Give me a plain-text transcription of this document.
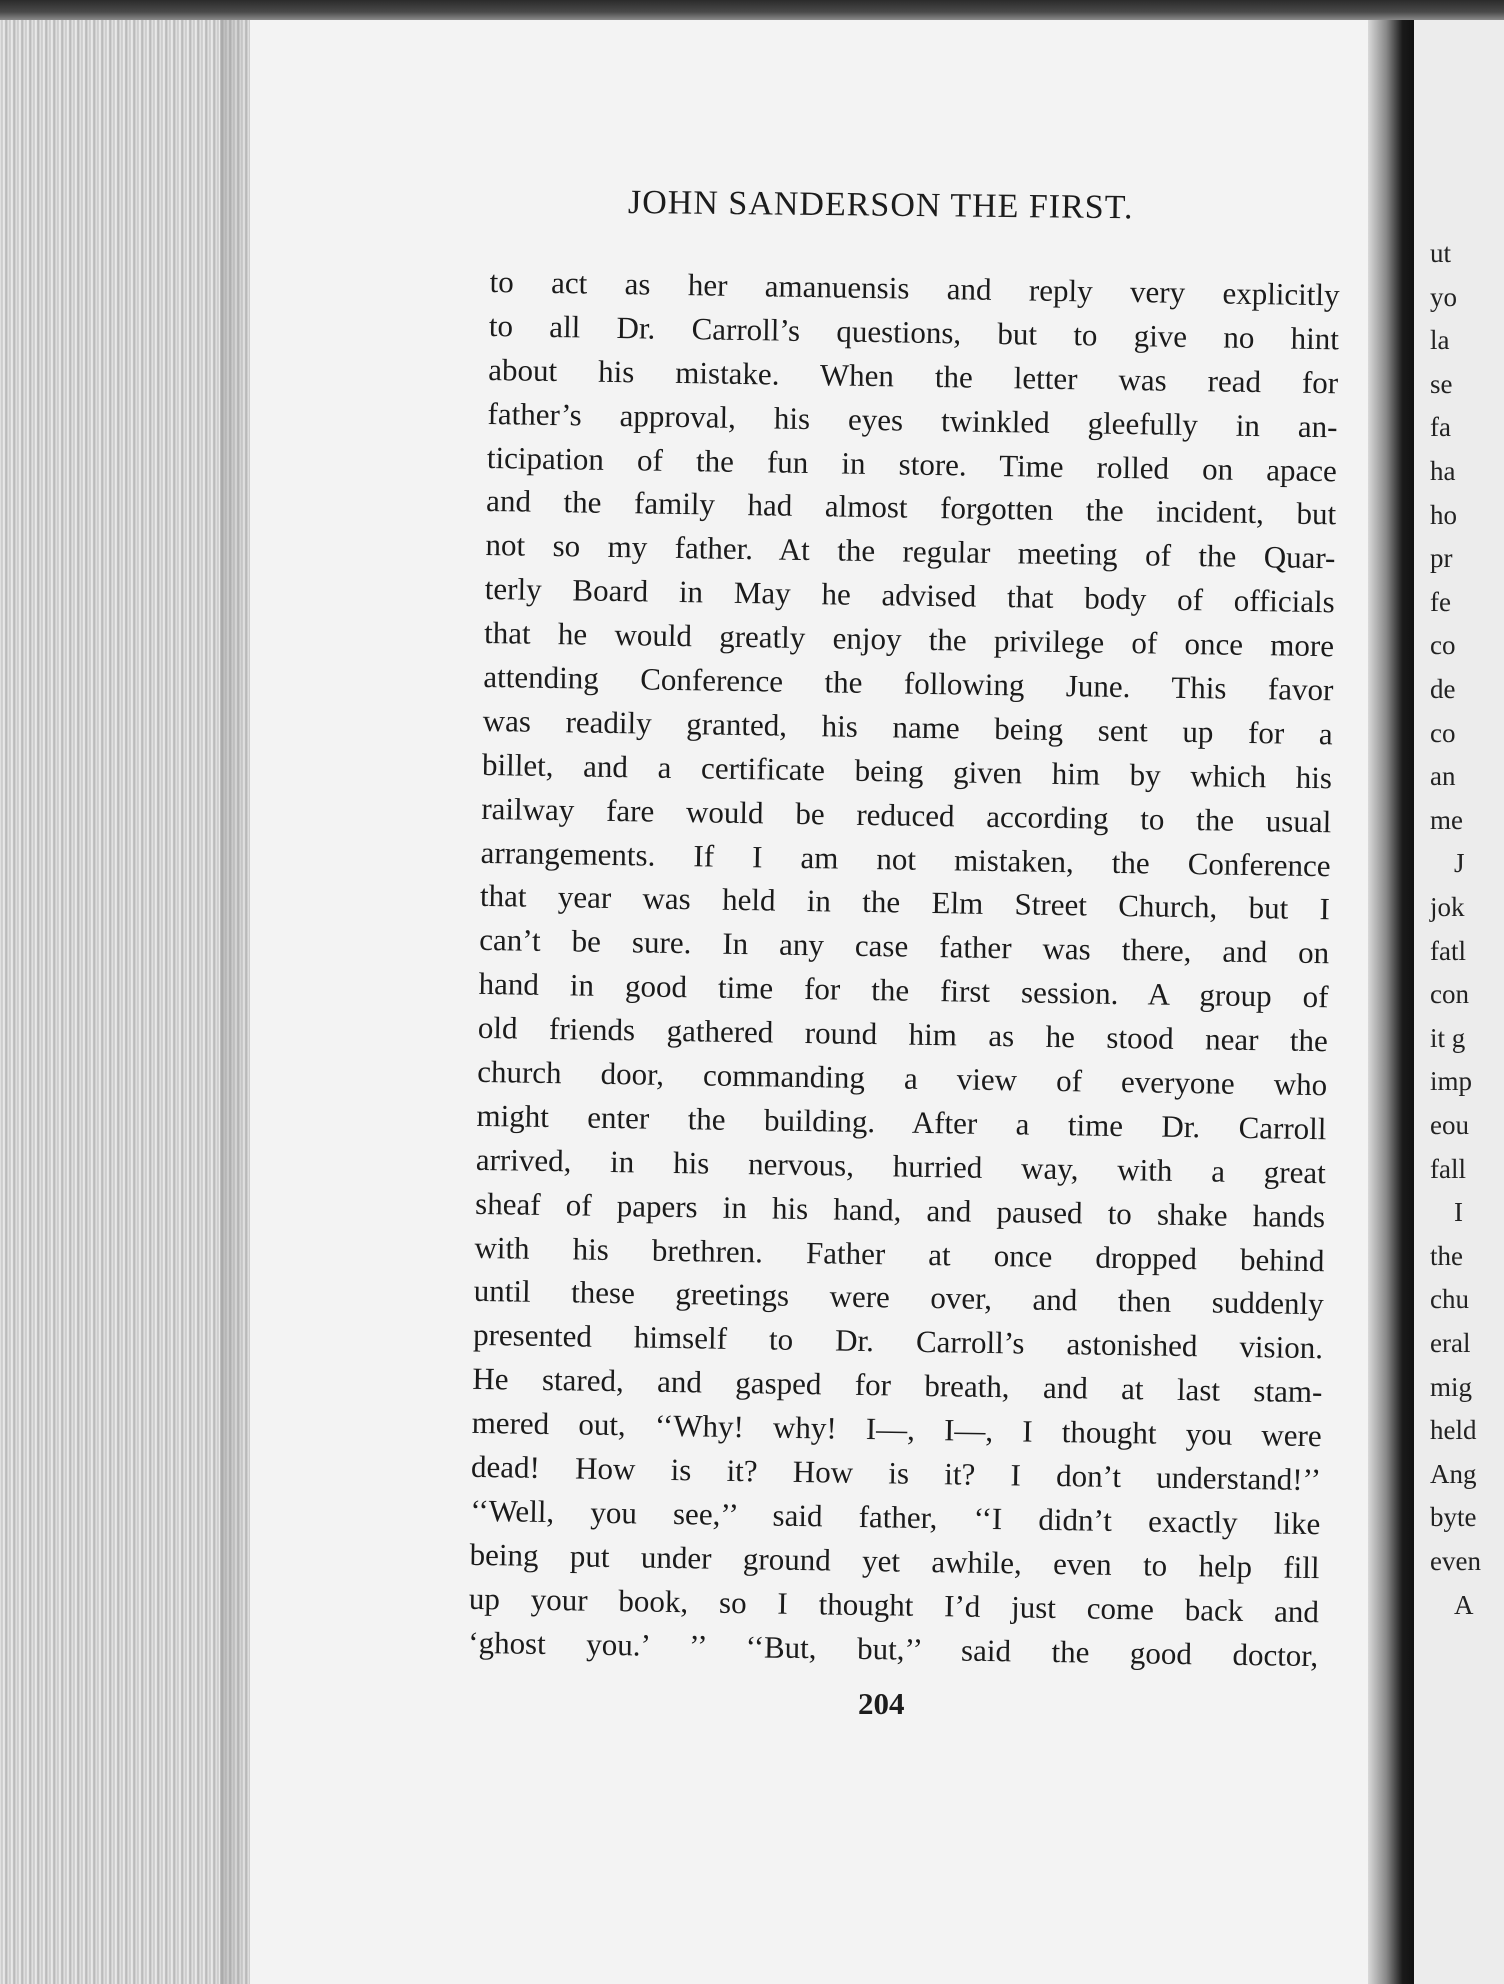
ut
yo
la
se
fa
ha
ho
pr
fe
co
de
co
an
me
J
jok
fatl
con
it g
imp
eou
fall
I
the
chu
eral
mig
held
Ang
byte
even
A
JOHN SANDERSON THE FIRST.
to act as her amanuensis and reply very explicitly
to all Dr. Carroll’s questions, but to give no hint
about his mistake. When the letter was read for
father’s approval, his eyes twinkled gleefully in an-
ticipation of the fun in store. Time rolled on apace
and the family had almost forgotten the incident, but
not so my father. At the regular meeting of the Quar-
terly Board in May he advised that body of officials
that he would greatly enjoy the privilege of once more
attending Conference the following June. This favor
was readily granted, his name being sent up for a
billet, and a certificate being given him by which his
railway fare would be reduced according to the usual
arrangements. If I am not mistaken, the Conference
that year was held in the Elm Street Church, but I
can’t be sure. In any case father was there, and on
hand in good time for the first session. A group of
old friends gathered round him as he stood near the
church door, commanding a view of everyone who
might enter the building. After a time Dr. Carroll
arrived, in his nervous, hurried way, with a great
sheaf of papers in his hand, and paused to shake hands
with his brethren. Father at once dropped behind
until these greetings were over, and then suddenly
presented himself to Dr. Carroll’s astonished vision.
He stared, and gasped for breath, and at last stam-
mered out, ‘‘Why! why! I—, I—, I thought you were
dead! How is it? How is it? I don’t understand!’’
‘‘Well, you see,’’ said father, ‘‘I didn’t exactly like
being put under ground yet awhile, even to help fill
up your book, so I thought I’d just come back and
‘ghost you.’ ’’ ‘‘But, but,’’ said the good doctor,
204
